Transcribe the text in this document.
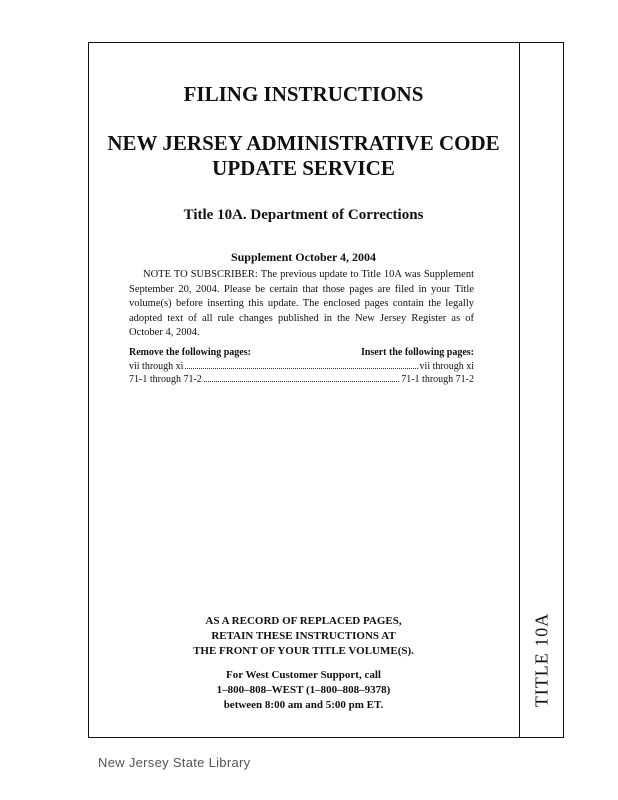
TITLE 10A
FILING INSTRUCTIONS
NEW JERSEY ADMINISTRATIVE CODE
UPDATE SERVICE
Title 10A. Department of Corrections
Supplement October 4, 2004
NOTE TO SUBSCRIBER: The previous update to Title 10A was Supplement September 20, 2004. Please be certain that those pages are filed in your Title volume(s) before inserting this update. The enclosed pages contain the legally adopted text of all rule changes published in the New Jersey Register as of October 4, 2004.
Remove the following pages:	Insert the following pages:
vii through xi	vii through xi
71-1 through 71-2	71-1 through 71-2
AS A RECORD OF REPLACED PAGES,
RETAIN THESE INSTRUCTIONS AT
THE FRONT OF YOUR TITLE VOLUME(S).
For West Customer Support, call
1–800–808–WEST (1–800–808–9378)
between 8:00 am and 5:00 pm ET.
New Jersey State Library
